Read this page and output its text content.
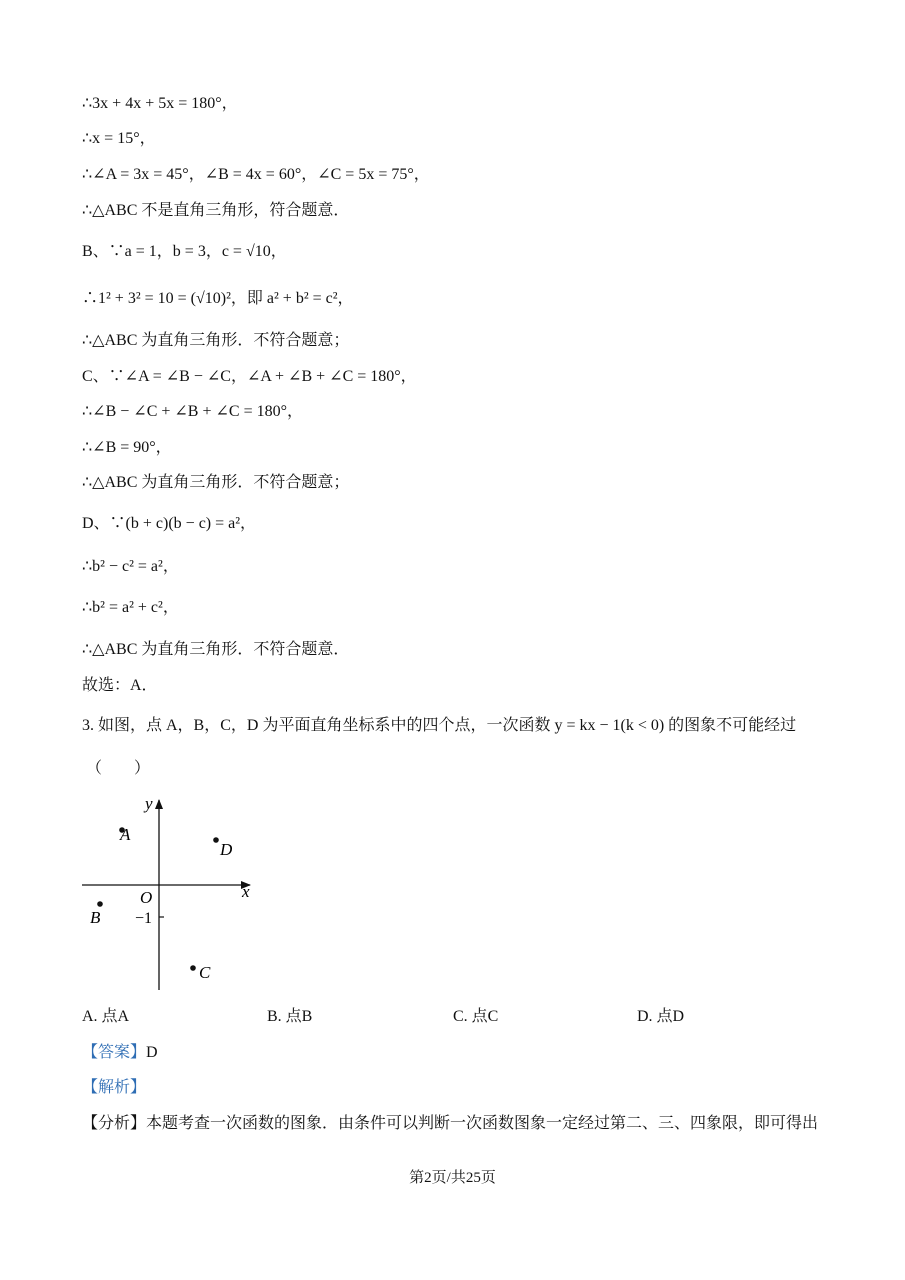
∴3x + 4x + 5x = 180°，
∴x = 15°，
∴∠A = 3x = 45°，∠B = 4x = 60°，∠C = 5x = 75°，
∴△ABC 不是直角三角形，符合题意．
B、∵a = 1，b = 3，c = √10，
∴1² + 3² = 10 = (√10)²，即 a² + b² = c²，
∴△ABC 为直角三角形．不符合题意；
C、∵∠A = ∠B − ∠C，∠A + ∠B + ∠C = 180°，
∴∠B − ∠C + ∠B + ∠C = 180°，
∴∠B = 90°，
∴△ABC 为直角三角形．不符合题意；
D、∵(b + c)(b − c) = a²，
∴b² − c² = a²，
∴b² = a² + c²，
∴△ABC 为直角三角形．不符合题意．
故选：A．
3. 如图，点 A，B，C，D 为平面直角坐标系中的四个点，一次函数 y = kx − 1(k < 0) 的图象不可能经过
（　　）
x
y
O
−1
A
D
B
C
A. 点A	B. 点B	C. 点C	D. 点D
【答案】D
【解析】
【分析】本题考查一次函数的图象．由条件可以判断一次函数图象一定经过第二、三、四象限，即可得出
第2页/共25页
